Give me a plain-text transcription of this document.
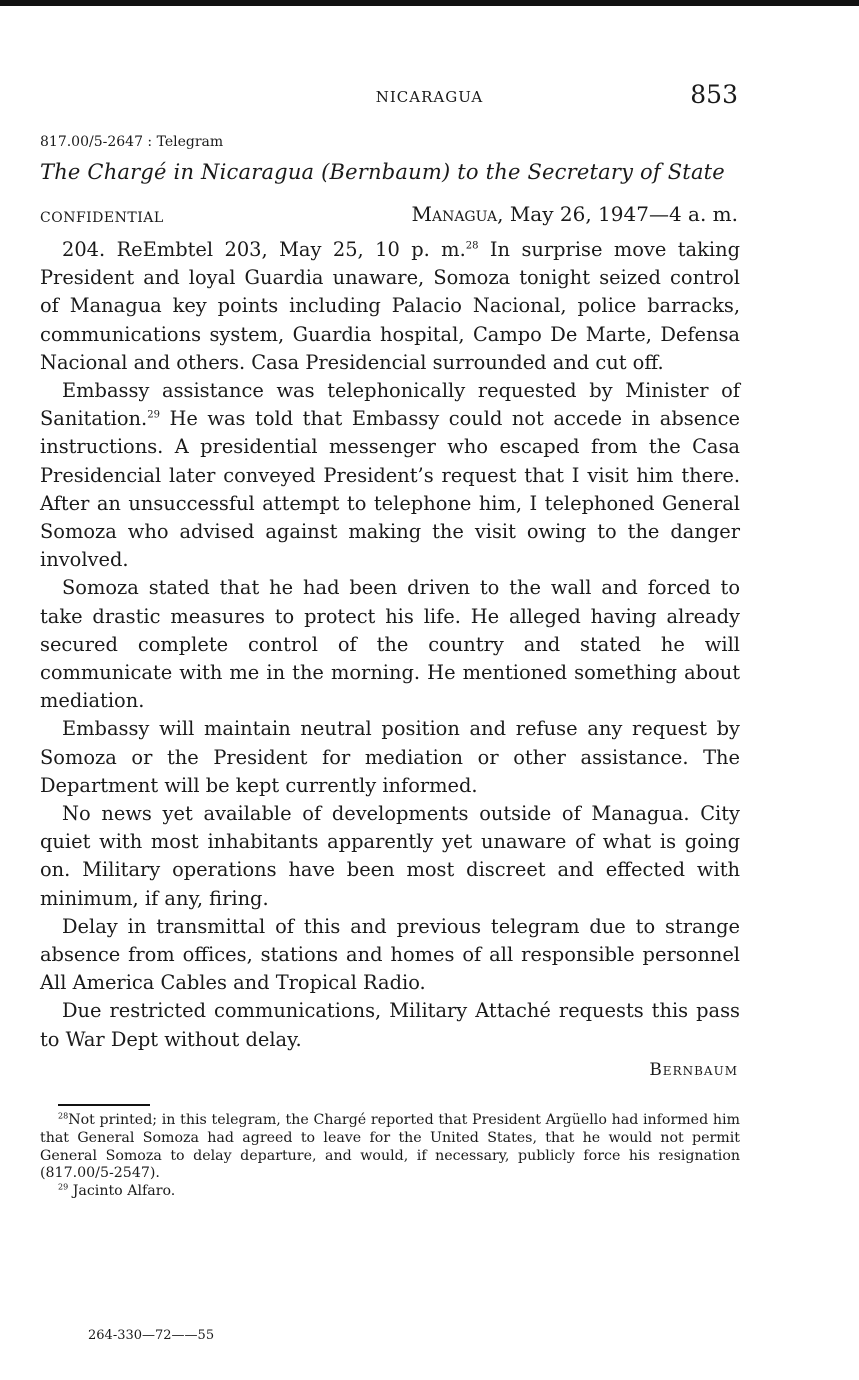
NICARAGUA	853
817.00/5-2647 : Telegram
The Chargé in Nicaragua (Bernbaum) to the Secretary of State
CONFIDENTIAL	Managua, May 26, 1947—4 a. m.

204. ReEmbtel 203, May 25, 10 p. m.$^{28}$ In surprise move taking President and loyal Guardia unaware, Somoza tonight seized control of Managua key points including Palacio Nacional, police barracks, communications system, Guardia hospital, Campo De Marte, Defensa Nacional and others. Casa Presidencial surrounded and cut off.

Embassy assistance was telephonically requested by Minister of Sanitation.$^{29}$ He was told that Embassy could not accede in absence instructions. A presidential messenger who escaped from the Casa Presidencial later conveyed President’s request that I visit him there. After an unsuccessful attempt to telephone him, I telephoned General Somoza who advised against making the visit owing to the danger involved.

Somoza stated that he had been driven to the wall and forced to take drastic measures to protect his life. He alleged having already secured complete control of the country and stated he will communicate with me in the morning. He mentioned something about mediation.

Embassy will maintain neutral position and refuse any request by Somoza or the President for mediation or other assistance. The Department will be kept currently informed.

No news yet available of developments outside of Managua. City quiet with most inhabitants apparently yet unaware of what is going on. Military operations have been most discreet and effected with minimum, if any, firing.

Delay in transmittal of this and previous telegram due to strange absence from offices, stations and homes of all responsible personnel All America Cables and Tropical Radio.

Due restricted communications, Military Attaché requests this pass to War Dept without delay.

Bernbaum

$^{28}$Not printed; in this telegram, the Chargé reported that President Argüello had informed him that General Somoza had agreed to leave for the United States, that he would not permit General Somoza to delay departure, and would, if necessary, publicly force his resignation (817.00/5-2547).

$^{29}$ Jacinto Alfaro.

264-330—72——55
